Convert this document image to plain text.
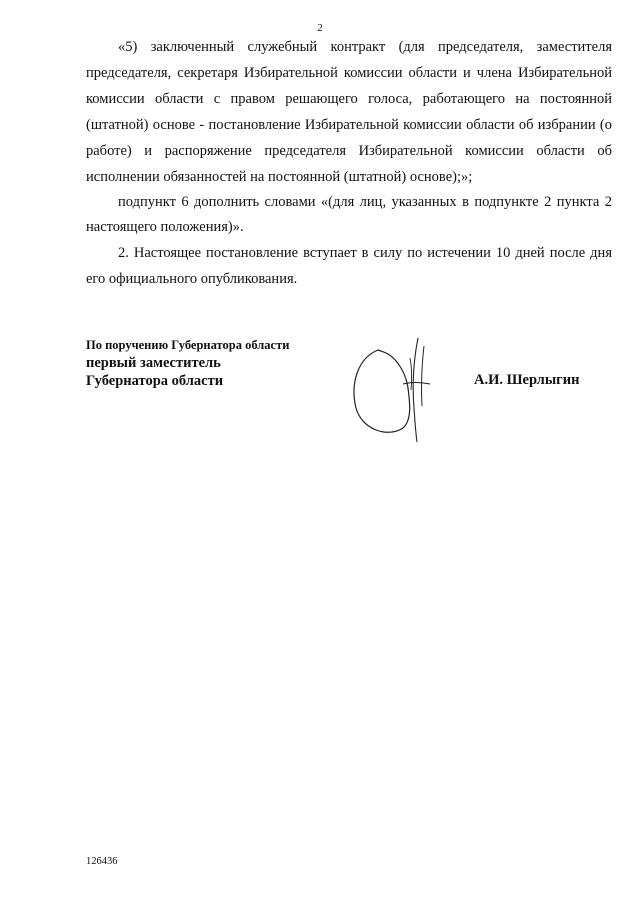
2

«5) заключенный служебный контракт (для председателя, заместителя председателя, секретаря Избирательной комиссии области и члена Избирательной комиссии области с правом решающего голоса, работающего на постоянной (штатной) основе - постановление Избирательной комиссии области об избрании (о работе) и распоряжение председателя Избирательной комиссии области об исполнении обязанностей на постоянной (штатной) основе);»;

подпункт 6 дополнить словами «(для лиц, указанных в подпункте 2 пункта 2 настоящего положения)».

2. Настоящее постановление вступает в силу по истечении 10 дней после дня его официального опубликования.

По поручению Губернатора области
первый заместитель
Губернатора области	А.И. Шерлыгин
126436
